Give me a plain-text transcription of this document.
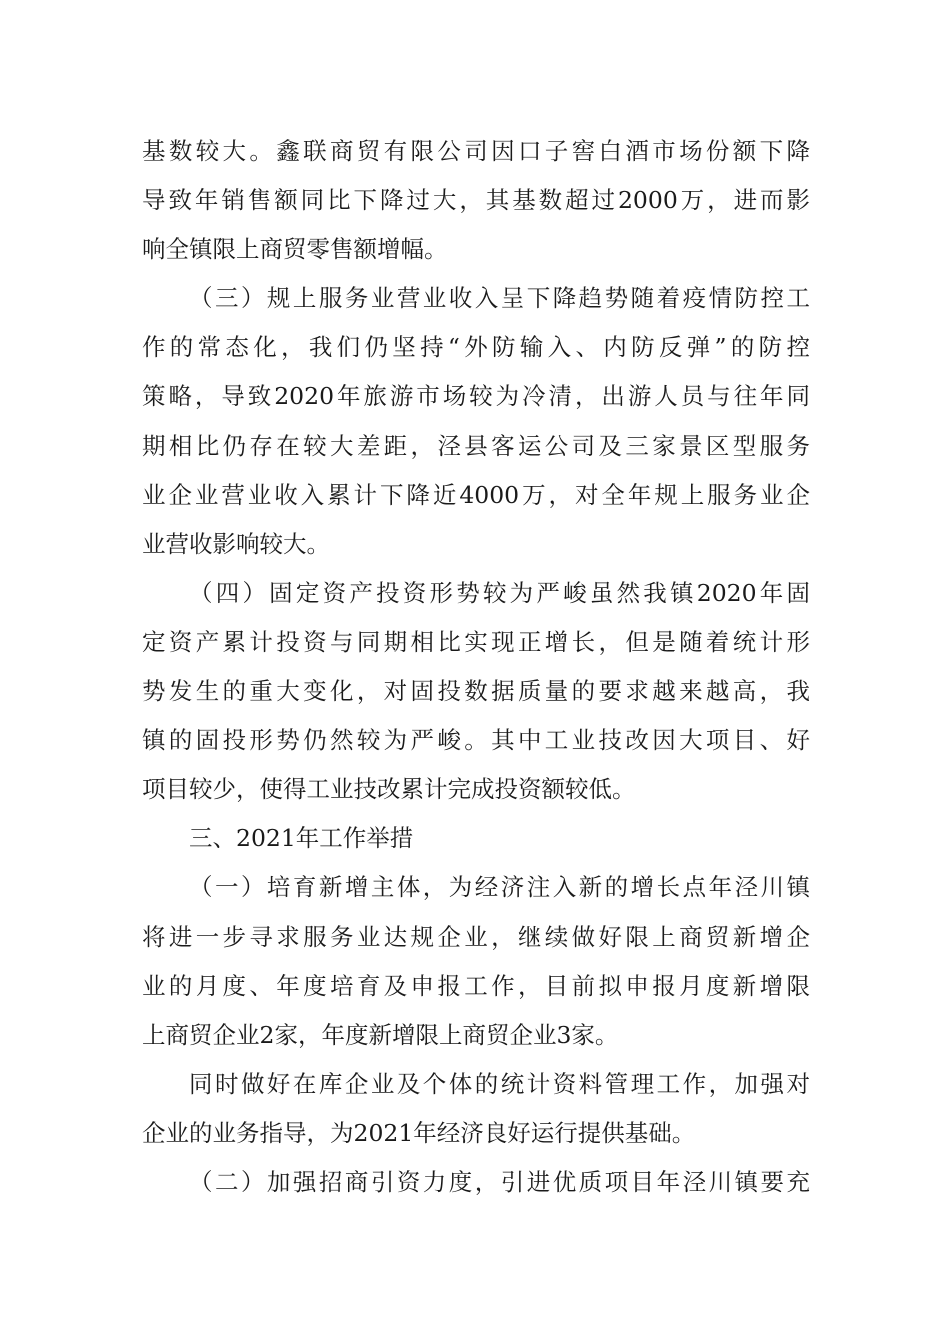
基数较大。鑫联商贸有限公司因口子窖白酒市场份额下降
导致年销售额同比下降过大，其基数超过2000万，进而影
响全镇限上商贸零售额增幅。
（三）规上服务业营业收入呈下降趋势随着疫情防控工
作的常态化，我们仍坚持“外防输入、内防反弹”的防控
策略，导致2020年旅游市场较为冷清，出游人员与往年同
期相比仍存在较大差距，泾县客运公司及三家景区型服务
业企业营业收入累计下降近4000万，对全年规上服务业企
业营收影响较大。
（四）固定资产投资形势较为严峻虽然我镇2020年固
定资产累计投资与同期相比实现正增长，但是随着统计形
势发生的重大变化，对固投数据质量的要求越来越高，我
镇的固投形势仍然较为严峻。其中工业技改因大项目、好
项目较少，使得工业技改累计完成投资额较低。
三、2021年工作举措
（一）培育新增主体，为经济注入新的增长点年泾川镇
将进一步寻求服务业达规企业，继续做好限上商贸新增企
业的月度、年度培育及申报工作，目前拟申报月度新增限
上商贸企业2家，年度新增限上商贸企业3家。
同时做好在库企业及个体的统计资料管理工作，加强对
企业的业务指导，为2021年经济良好运行提供基础。
（二）加强招商引资力度，引进优质项目年泾川镇要充
